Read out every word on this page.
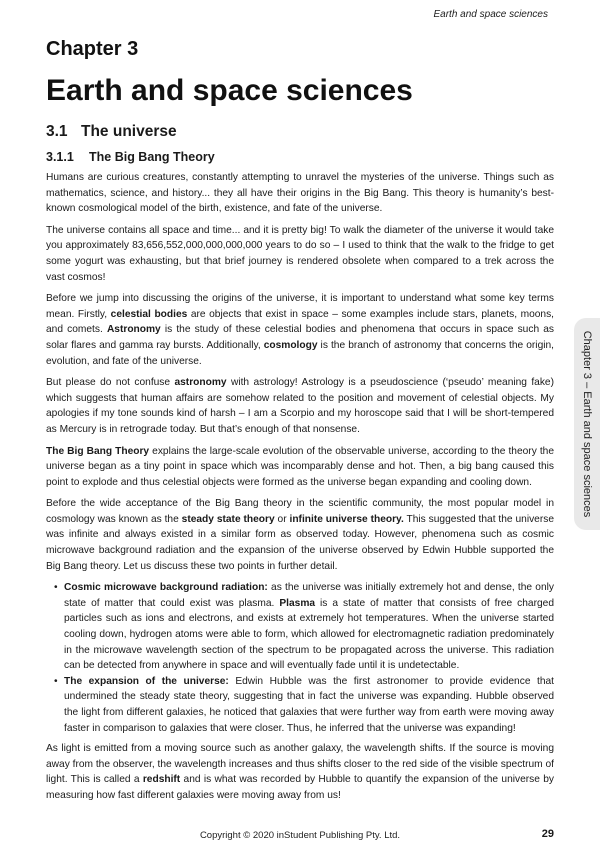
Earth and space sciences
Chapter 3
Earth and space sciences
3.1 The universe
3.1.1 The Big Bang Theory

Humans are curious creatures, constantly attempting to unravel the mysteries of the universe. Things such as mathematics, science, and history... they all have their origins in the Big Bang. This theory is humanity’s best-known cosmological model of the birth, existence, and fate of the universe.

The universe contains all space and time... and it is pretty big! To walk the diameter of the universe it would take you approximately 83,656,552,000,000,000,000 years to do so – I used to think that the walk to the fridge to get some yogurt was exhausting, but that brief journey is rendered obsolete when compared to a trek across the vast cosmos!

Before we jump into discussing the origins of the universe, it is important to understand what some key terms mean. Firstly, celestial bodies are objects that exist in space – some examples include stars, planets, moons, and comets. Astronomy is the study of these celestial bodies and phenomena that occurs in space such as solar flares and gamma ray bursts. Additionally, cosmology is the branch of astronomy that concerns the origin, evolution, and fate of the universe.

But please do not confuse astronomy with astrology! Astrology is a pseudoscience (‘pseudo’ meaning fake) which suggests that human affairs are somehow related to the position and movement of celestial objects. My apologies if my tone sounds kind of harsh – I am a Scorpio and my horoscope said that I will be short-tempered as Mercury is in retrograde today. But that’s enough of that nonsense.

The Big Bang Theory explains the large-scale evolution of the observable universe, according to the theory the universe began as a tiny point in space which was incomparably dense and hot. Then, a big bang caused this point to explode and thus celestial objects were formed as the universe began expanding and cooling down.

Before the wide acceptance of the Big Bang theory in the scientific community, the most popular model in cosmology was known as the steady state theory or infinite universe theory. This suggested that the universe was infinite and always existed in a similar form as observed today. However, phenomena such as cosmic microwave background radiation and the expansion of the universe observed by Edwin Hubble supported the Big Bang theory. Let us discuss these two points in further detail.

• Cosmic microwave background radiation: as the universe was initially extremely hot and dense, the only state of matter that could exist was plasma. Plasma is a state of matter that consists of free charged particles such as ions and electrons, and exists at extremely hot temperatures. When the universe started cooling down, hydrogen atoms were able to form, which allowed for electromagnetic radiation predominately in the microwave wavelength section of the spectrum to be propagated across the universe. This radiation can be detected from anywhere in space and will eventually fade until it is undetectable.
• The expansion of the universe: Edwin Hubble was the first astronomer to provide evidence that undermined the steady state theory, suggesting that in fact the universe was expanding. Hubble observed the light from different galaxies, he noticed that galaxies that were further way from earth were moving away faster in comparison to galaxies that were closer. Thus, he inferred that the universe was expanding!

As light is emitted from a moving source such as another galaxy, the wavelength shifts. If the source is moving away from the observer, the wavelength increases and thus shifts closer to the red side of the visible spectrum of light. This is called a redshift and is what was recorded by Hubble to quantify the expansion of the universe by measuring how fast different galaxies were moving away from us!

Chapter 3 – Earth and space sciences
Copyright © 2020 inStudent Publishing Pty. Ltd.	29
